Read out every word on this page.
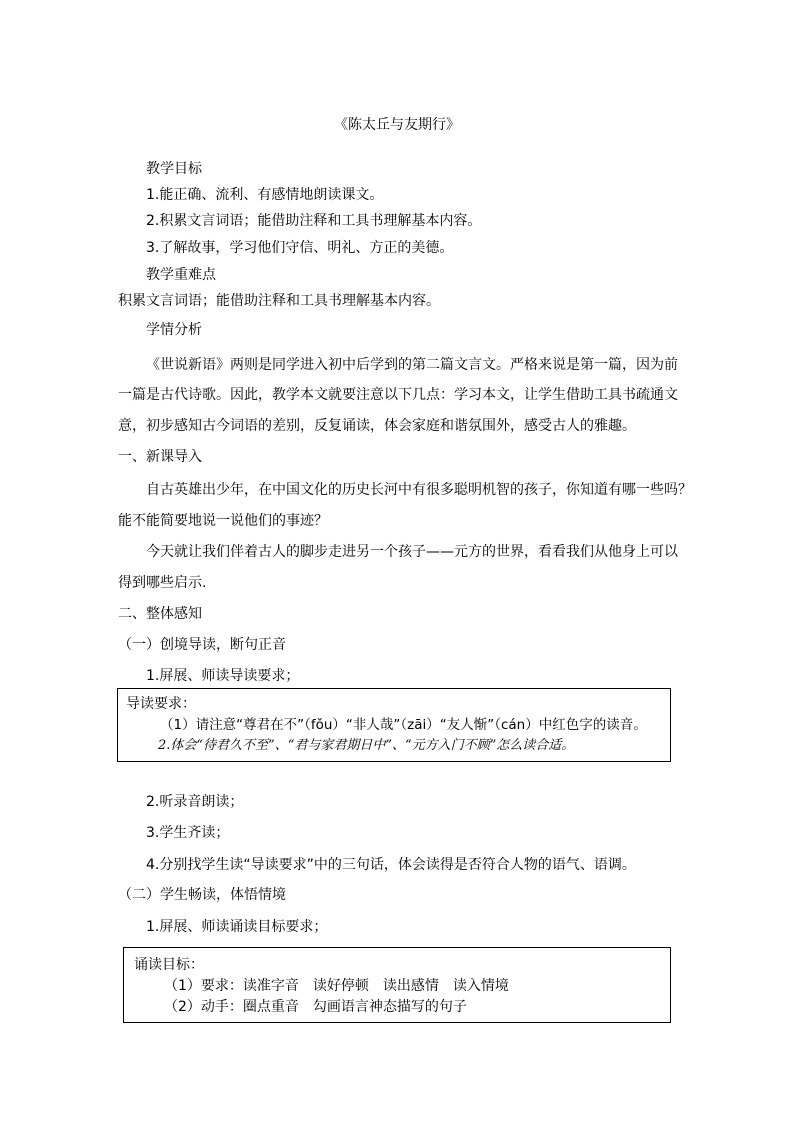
《陈太丘与友期行》
教学目标
1.能正确、流利、有感情地朗读课文。
2.积累文言词语；能借助注释和工具书理解基本内容。
3.了解故事，学习他们守信、明礼、方正的美德。
教学重难点
积累文言词语；能借助注释和工具书理解基本内容。
学情分析
《世说新语》两则是同学进入初中后学到的第二篇文言文。严格来说是第一篇，因为前
一篇是古代诗歌。因此，教学本文就要注意以下几点：学习本文，让学生借助工具书疏通文
意，初步感知古今词语的差别，反复诵读，体会家庭和谐氛围外，感受古人的雅趣。
一、新课导入
自古英雄出少年，在中国文化的历史长河中有很多聪明机智的孩子，你知道有哪一些吗？
能不能简要地说一说他们的事迹？
今天就让我们伴着古人的脚步走进另一个孩子——元方的世界，看看我们从他身上可以
得到哪些启示.
二、整体感知
（一）创境导读，断句正音
1.屏展、师读导读要求；
导读要求：
（1）请注意“尊君在不”（fǒu）“非人哉”（zāi）“友人惭”（cán）中红色字的读音。
2.体会“待君久不至”、“君与家君期日中”、“元方入门不顾”怎么读合适。
2.听录音朗读；
3.学生齐读；
4.分别找学生读“导读要求”中的三句话，体会读得是否符合人物的语气、语调。
（二）学生畅读，体悟情境
1.屏展、师读诵读目标要求；
诵读目标：
（1）要求：读准字音　读好停顿　读出感情　读入情境
（2）动手：圈点重音　勾画语言神态描写的句子
